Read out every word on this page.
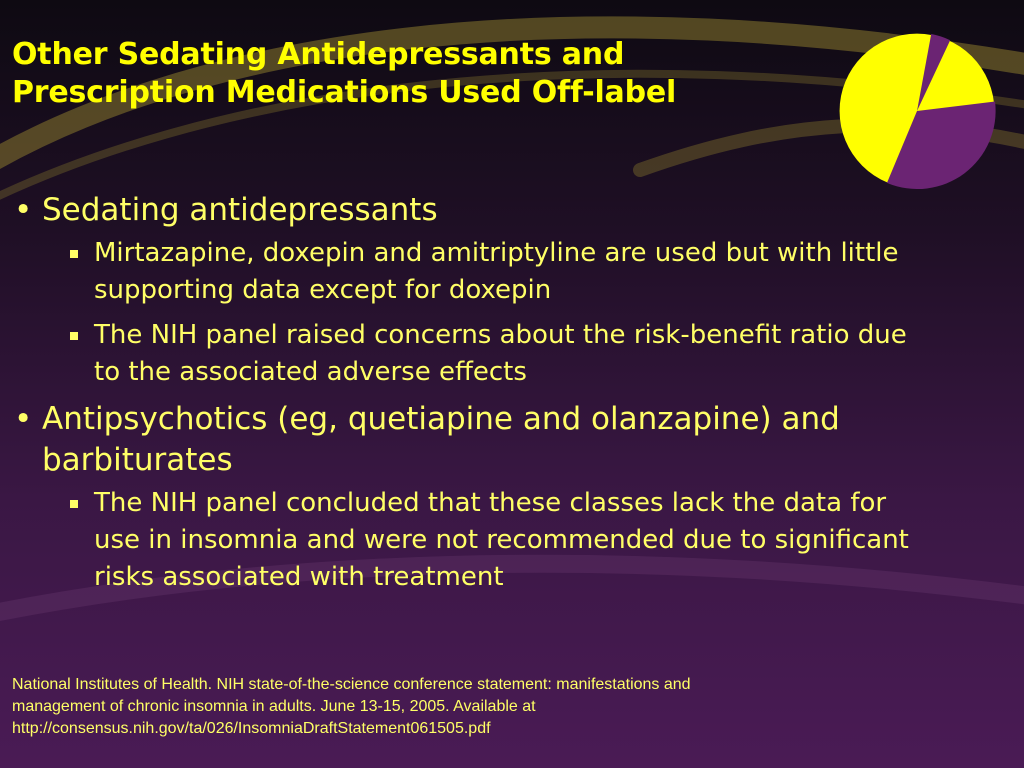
Other Sedating Antidepressants and
Prescription Medications Used Off-label
• Sedating antidepressants
Mirtazapine, doxepin and amitriptyline are used but with little supporting data except for doxepin
The NIH panel raised concerns about the risk-benefit ratio due to the associated adverse effects
• Antipsychotics (eg, quetiapine and olanzapine) and barbiturates
The NIH panel concluded that these classes lack the data for use in insomnia and were not recommended due to significant risks associated with treatment

National Institutes of Health. NIH state-of-the-science conference statement: manifestations and
management of chronic insomnia in adults. June 13-15, 2005. Available at
http://consensus.nih.gov/ta/026/InsomniaDraftStatement061505.pdf
